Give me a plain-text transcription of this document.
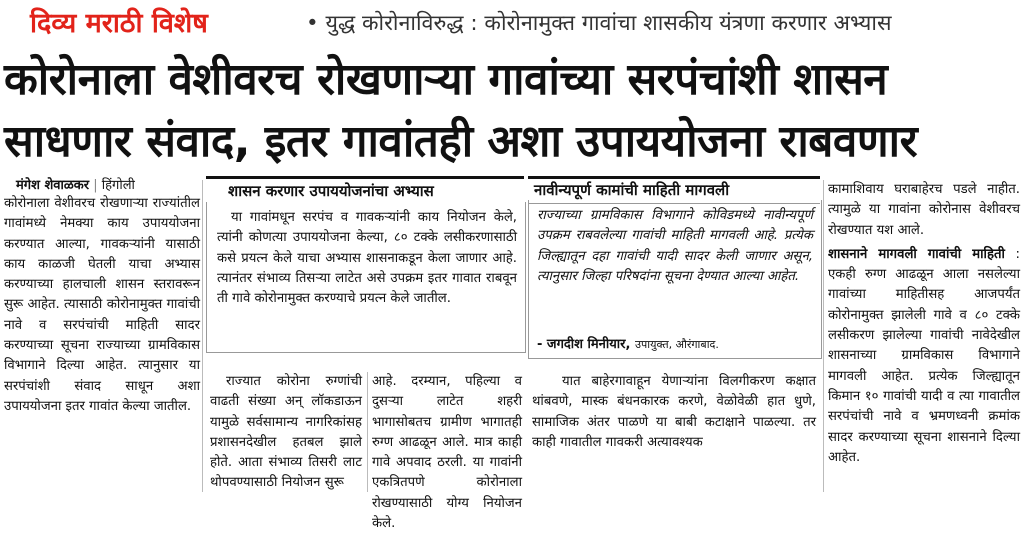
दिव्य मराठी विशेष	• युद्ध कोरोनाविरुद्ध : कोरोनामुक्त गावांचा शासकीय यंत्रणा करणार अभ्यास
कोरोनाला वेशीवरच रोखणाऱ्या गावांच्या सरपंचांशी शासन
साधणार संवाद, इतर गावांतही अशा उपाययोजना राबवणार
मंगेश शेवाळकर | हिंगोली

कोरोनाला वेशीवरच रोखणाऱ्या राज्यांतील गावांमध्ये नेमक्या काय उपाययोजना करण्यात आल्या, गावकऱ्यांनी यासाठी काय काळजी घेतली याचा अभ्यास करण्याच्या हालचाली शासन स्तरावरून सुरू आहेत. त्यासाठी कोरोनामुक्त गावांची नावे व सरपंचांची माहिती सादर करण्याच्या सूचना राज्याच्या ग्रामविकास विभागाने दिल्या आहेत. त्यानुसार या सरपंचांशी संवाद साधून अशा उपाययोजना इतर गावांत केल्या जातील.

शासन करणार उपाययोजनांचा अभ्यास
या गावांमधून सरपंच व गावकऱ्यांनी काय नियोजन केले, त्यांनी कोणत्या उपाययोजना केल्या, ८० टक्के लसीकरणासाठी कसे प्रयत्न केले याचा अभ्यास शासनाकडून केला जाणार आहे. त्यानंतर संभाव्य तिसऱ्या लाटेत असे उपक्रम इतर गावात राबवून ती गावे कोरोनामुक्त करण्याचे प्रयत्न केले जातील.

राज्यात कोरोना रुग्णांची वाढती संख्या अन् लॉकडाऊन यामुळे सर्वसामान्य नागरिकांसह प्रशासनदेखील हतबल झाले होते. आता संभाव्य तिसरी लाट थोपवण्यासाठी नियोजन सुरू

आहे. दरम्यान, पहिल्या व दुसऱ्या लाटेत शहरी भागासोबतच ग्रामीण भागातही रुग्ण आढळून आले. मात्र काही गावे अपवाद ठरली. या गावांनी एकत्रितपणे कोरोनाला रोखण्यासाठी योग्य नियोजन केले.

नावीन्यपूर्ण कामांची माहिती मागवली
राज्याच्या ग्रामविकास विभागाने कोविडमध्ये नावीन्यपूर्ण उपक्रम राबवलेल्या गावांची माहिती मागवली आहे. प्रत्येक जिल्ह्यातून दहा गावांची यादी सादर केली जाणार असून, त्यानुसार जिल्हा परिषदांना सूचना देण्यात आल्या आहेत.
- जगदीश मिनीयार, उपायुक्त, औरंगाबाद.

यात बाहेरगावाहून येणाऱ्यांना विलगीकरण कक्षात थांबवणे, मास्क बंधनकारक करणे, वेळोवेळी हात धुणे, सामाजिक अंतर पाळणे या बाबी कटाक्षाने पाळल्या. तर काही गावातील गावकरी अत्यावश्यक

कामाशिवाय घराबाहेरच पडले नाहीत. त्यामुळे या गावांना कोरोनास वेशीवरच रोखण्यात यश आले.

शासनाने मागवली गावांची माहिती : एकही रुग्ण आढळून आला नसलेल्या गावांच्या माहितीसह आजपर्यंत कोरोनामुक्त झालेली गावे व ८० टक्के लसीकरण झालेल्या गावांची नावेदेखील शासनाच्या ग्रामविकास विभागाने मागवली आहेत. प्रत्येक जिल्ह्यातून किमान १० गावांची यादी व त्या गावातील सरपंचांची नावे व भ्रमणध्वनी क्रमांक सादर करण्याच्या सूचना शासनाने दिल्या आहेत.
